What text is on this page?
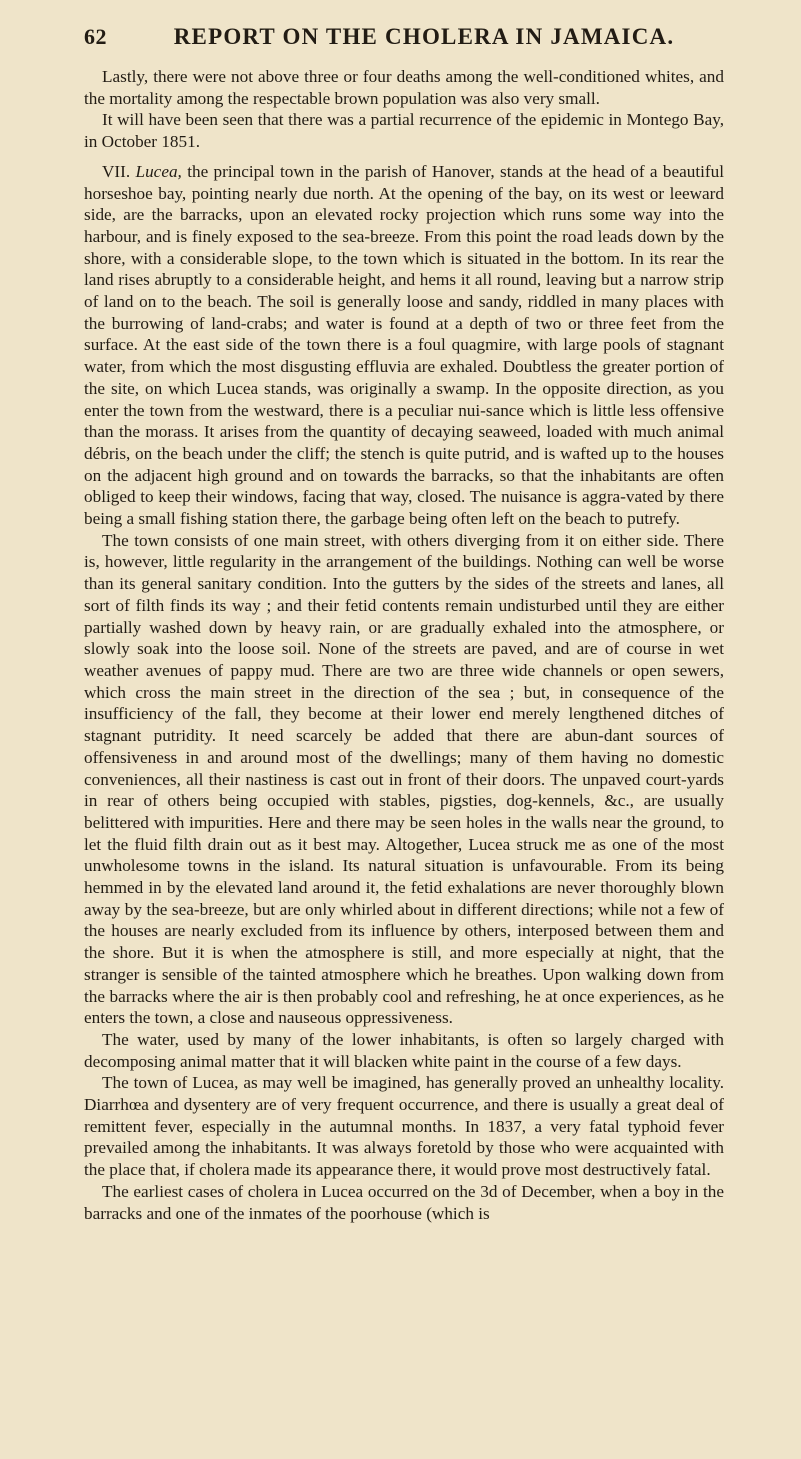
62	REPORT ON THE CHOLERA IN JAMAICA.

Lastly, there were not above three or four deaths among the well-conditioned whites, and the mortality among the respectable brown population was also very small.

It will have been seen that there was a partial recurrence of the epidemic in Montego Bay, in October 1851.

VII. Lucea, the principal town in the parish of Hanover, stands at the head of a beautiful horseshoe bay, pointing nearly due north. At the opening of the bay, on its west or leeward side, are the barracks, upon an elevated rocky projection which runs some way into the harbour, and is finely exposed to the sea-breeze. From this point the road leads down by the shore, with a considerable slope, to the town which is situated in the bottom. In its rear the land rises abruptly to a considerable height, and hems it all round, leaving but a narrow strip of land on to the beach. The soil is generally loose and sandy, riddled in many places with the burrowing of land-crabs; and water is found at a depth of two or three feet from the surface. At the east side of the town there is a foul quagmire, with large pools of stagnant water, from which the most disgusting effluvia are exhaled. Doubtless the greater portion of the site, on which Lucea stands, was originally a swamp. In the opposite direction, as you enter the town from the westward, there is a peculiar nui-sance which is little less offensive than the morass. It arises from the quantity of decaying seaweed, loaded with much animal débris, on the beach under the cliff; the stench is quite putrid, and is wafted up to the houses on the adjacent high ground and on towards the barracks, so that the inhabitants are often obliged to keep their windows, facing that way, closed. The nuisance is aggra-vated by there being a small fishing station there, the garbage being often left on the beach to putrefy.

The town consists of one main street, with others diverging from it on either side. There is, however, little regularity in the arrangement of the buildings. Nothing can well be worse than its general sanitary condition. Into the gutters by the sides of the streets and lanes, all sort of filth finds its way ; and their fetid contents remain undisturbed until they are either partially washed down by heavy rain, or are gradually exhaled into the atmosphere, or slowly soak into the loose soil. None of the streets are paved, and are of course in wet weather avenues of pappy mud. There are two are three wide channels or open sewers, which cross the main street in the direction of the sea ; but, in consequence of the insufficiency of the fall, they become at their lower end merely lengthened ditches of stagnant putridity. It need scarcely be added that there are abun-dant sources of offensiveness in and around most of the dwellings; many of them having no domestic conveniences, all their nastiness is cast out in front of their doors. The unpaved court-yards in rear of others being occupied with stables, pigsties, dog-kennels, &c., are usually belittered with impurities. Here and there may be seen holes in the walls near the ground, to let the fluid filth drain out as it best may. Altogether, Lucea struck me as one of the most unwholesome towns in the island. Its natural situation is unfavourable. From its being hemmed in by the elevated land around it, the fetid exhalations are never thoroughly blown away by the sea-breeze, but are only whirled about in different directions; while not a few of the houses are nearly excluded from its influence by others, interposed between them and the shore. But it is when the atmosphere is still, and more especially at night, that the stranger is sensible of the tainted atmosphere which he breathes. Upon walking down from the barracks where the air is then probably cool and refreshing, he at once experiences, as he enters the town, a close and nauseous oppressiveness.

The water, used by many of the lower inhabitants, is often so largely charged with decomposing animal matter that it will blacken white paint in the course of a few days.

The town of Lucea, as may well be imagined, has generally proved an unhealthy locality. Diarrhœa and dysentery are of very frequent occurrence, and there is usually a great deal of remittent fever, especially in the autumnal months. In 1837, a very fatal typhoid fever prevailed among the inhabitants. It was always foretold by those who were acquainted with the place that, if cholera made its appearance there, it would prove most destructively fatal.

The earliest cases of cholera in Lucea occurred on the 3d of December, when a boy in the barracks and one of the inmates of the poorhouse (which is
